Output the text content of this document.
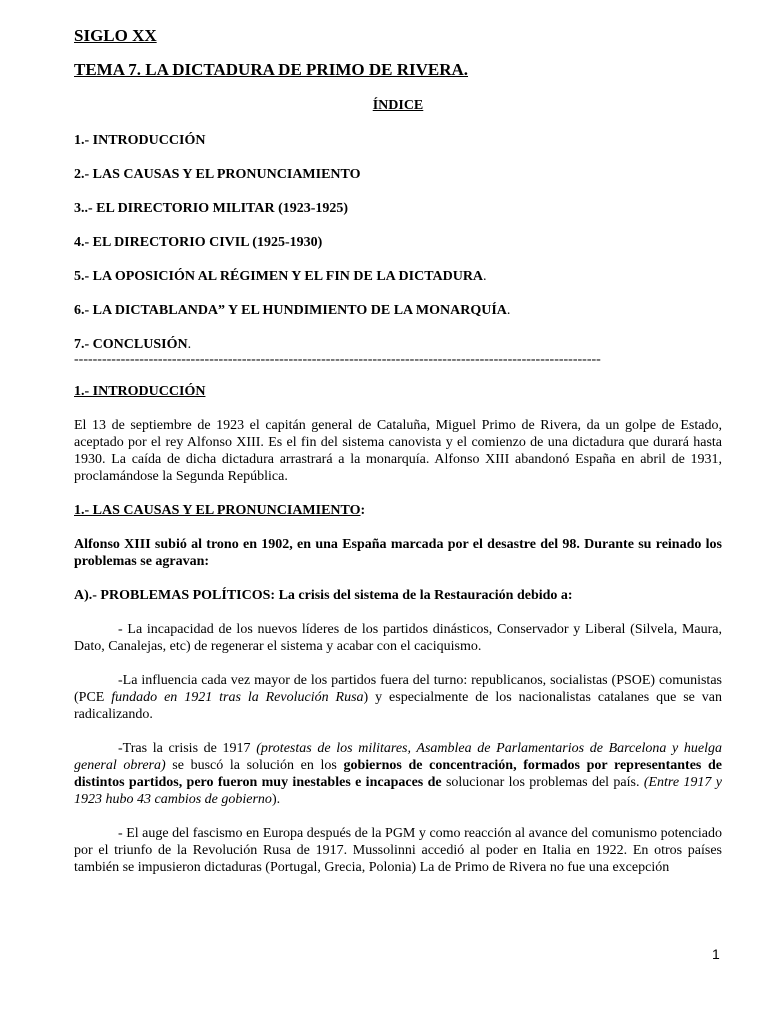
SIGLO XX
TEMA 7. LA DICTADURA DE PRIMO DE RIVERA.
ÍNDICE
1.- INTRODUCCIÓN
2.- LAS CAUSAS Y EL PRONUNCIAMIENTO
3..- EL DIRECTORIO MILITAR (1923-1925)
4.- EL DIRECTORIO CIVIL (1925-1930)
5.- LA OPOSICIÓN AL RÉGIMEN Y EL FIN DE LA DICTADURA.
6.- LA DICTABLANDA” Y EL HUNDIMIENTO DE LA MONARQUÍA.
7.- CONCLUSIÓN.
-----------------------------------------------------------------------------------------------------------------
1.- INTRODUCCIÓN

El 13 de septiembre de 1923 el capitán general de Cataluña, Miguel Primo de Rivera, da un golpe de Estado, aceptado por el rey Alfonso XIII. Es el fin del sistema canovista y el comienzo de una dictadura que durará hasta 1930. La caída de dicha dictadura arrastrará a la monarquía. Alfonso XIII abandonó España en abril de 1931, proclamándose la Segunda República.

1.- LAS CAUSAS Y EL PRONUNCIAMIENTO:

Alfonso XIII subió al trono en 1902, en una España marcada por el desastre del 98. Durante su reinado los problemas se agravan:

A).- PROBLEMAS POLÍTICOS: La crisis del sistema de la Restauración debido a:

- La incapacidad de los nuevos líderes de los partidos dinásticos, Conservador y Liberal (Silvela, Maura, Dato, Canalejas, etc) de regenerar el sistema y acabar con el caciquismo.

-La influencia cada vez mayor de los partidos fuera del turno: republicanos, socialistas (PSOE) comunistas (PCE fundado en 1921 tras la Revolución Rusa) y especialmente de los nacionalistas catalanes que se van radicalizando.

-Tras la crisis de 1917 (protestas de los militares, Asamblea de Parlamentarios de Barcelona y huelga general obrera) se buscó la solución en los gobiernos de concentración, formados por representantes de distintos partidos, pero fueron muy inestables e incapaces de solucionar los problemas del país. (Entre 1917 y 1923 hubo 43 cambios de gobierno).

- El auge del fascismo en Europa después de la PGM y como reacción al avance del comunismo potenciado por el triunfo de la Revolución Rusa de 1917. Mussolinni accedió al poder en Italia en 1922. En otros países también se impusieron dictaduras (Portugal, Grecia, Polonia) La de Primo de Rivera no fue una excepción

1
